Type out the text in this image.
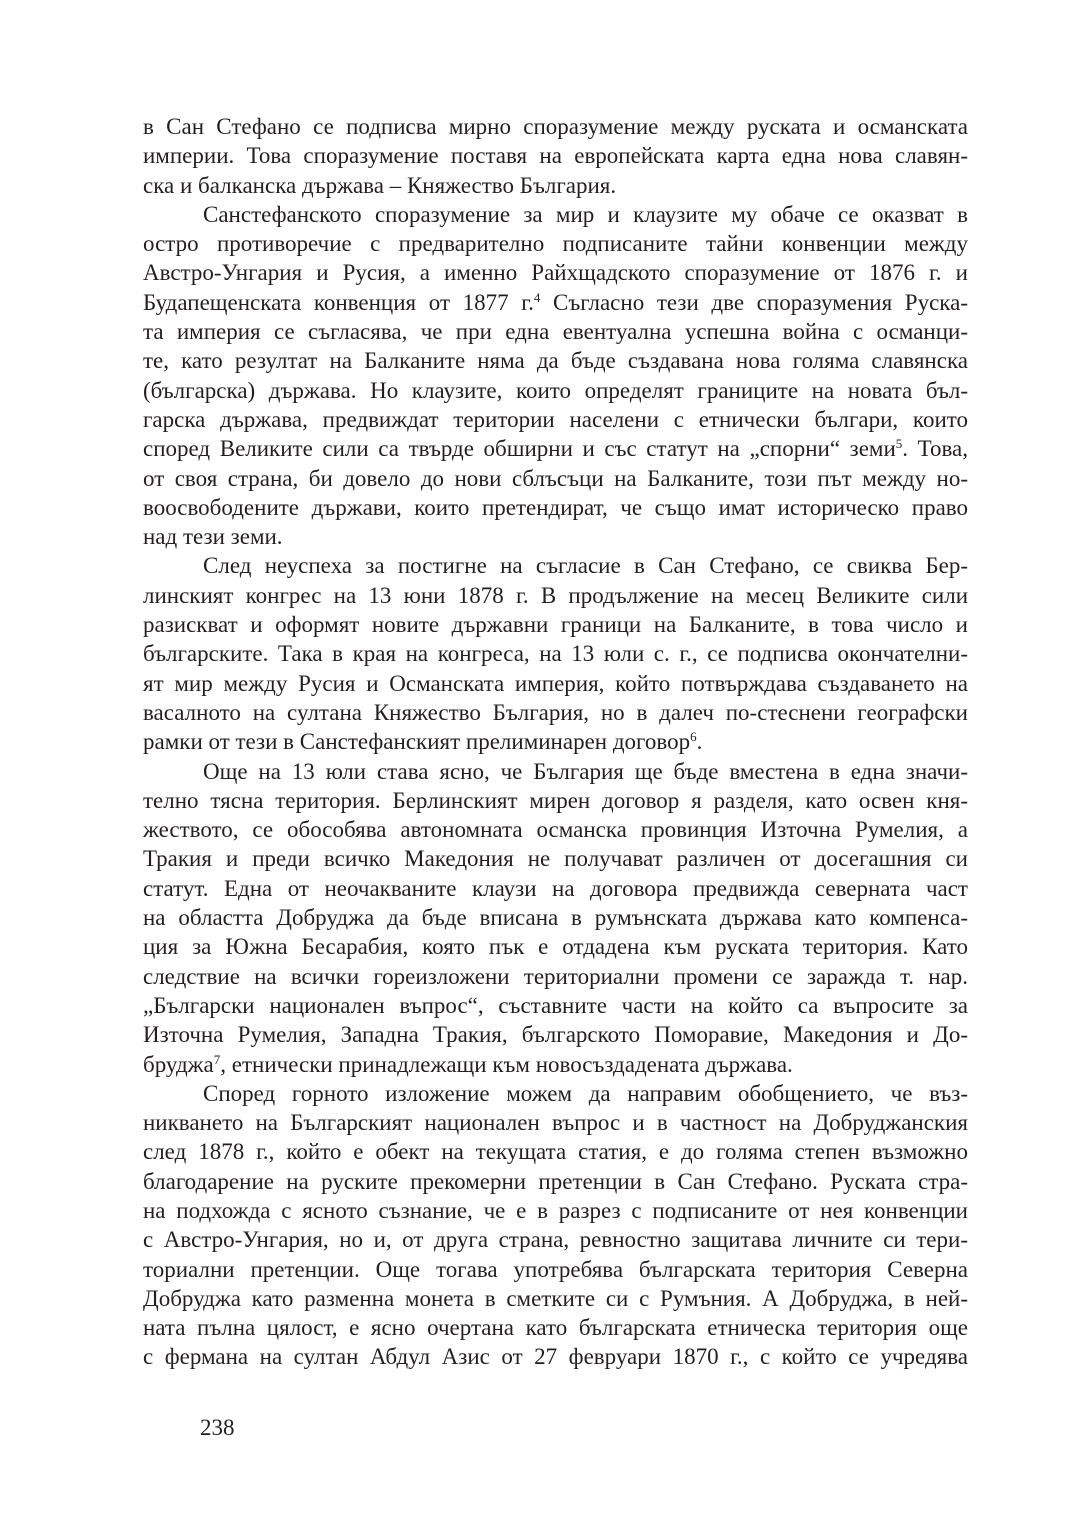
в Сан Стефано се подписва мирно споразумение между руската и османската
империи. Това споразумение поставя на европейската карта една нова славян-
ска и балканска държава – Княжество България.
Санстефанското споразумение за мир и клаузите му обаче се оказват в
остро противоречие с предварително подписаните тайни конвенции между
Австро-Унгария и Русия, а именно Райхщадското споразумение от 1876 г. и
Будапещенската конвенция от 1877 г.$^4$ Съгласно тези две споразумения Руска-
та империя се съгласява, че при една евентуална успешна война с османци-
те, като резултат на Балканите няма да бъде създавана нова голяма славянска
(българска) държава. Но клаузите, които определят границите на новата бъл-
гарска държава, предвиждат територии населени с етнически българи, които
според Великите сили са твърде обширни и със статут на „спорни“ земи$^5$. Това,
от своя страна, би довело до нови сблъсъци на Балканите, този път между но-
воосвободените държави, които претендират, че също имат историческо право
над тези земи.
След неуспеха за постигне на съгласие в Сан Стефано, се свиква Бер-
линският конгрес на 13 юни 1878 г. В продължение на месец Великите сили
разискват и оформят новите държавни граници на Балканите, в това число и
българските. Така в края на конгреса, на 13 юли с. г., се подписва окончателни-
ят мир между Русия и Османската империя, който потвърждава създаването на
васалното на султана Княжество България, но в далеч по-стеснени географски
рамки от тези в Санстефанският прелиминарен договор$^6$.
Още на 13 юли става ясно, че България ще бъде вместена в една значи-
телно тясна територия. Берлинският мирен договор я разделя, като освен кня-
жеството, се обособява автономната османска провинция Източна Румелия, а
Тракия и преди всичко Македония не получават различен от досегашния си
статут. Една от неочакваните клаузи на договора предвижда северната част
на областта Добруджа да бъде вписана в румънската държава като компенса-
ция за Южна Бесарабия, която пък е отдадена към руската територия. Като
следствие на всички гореизложени териториални промени се заражда т. нар.
„Български национален въпрос“, съставните части на който са въпросите за
Източна Румелия, Западна Тракия, българското Поморавие, Македония и До-
бруджа$^7$, етнически принадлежащи към новосъздадената държава.
Според горното изложение можем да направим обобщението, че въз-
никването на Българският национален въпрос и в частност на Добруджанския
след 1878 г., който е обект на текущата статия, е до голяма степен възможно
благодарение на руските прекомерни претенции в Сан Стефано. Руската стра-
на подхожда с ясното съзнание, че е в разрез с подписаните от нея конвенции
с Австро-Унгария, но и, от друга страна, ревностно защитава личните си тери-
ториални претенции. Още тогава употребява българската територия Северна
Добруджа като разменна монета в сметките си с Румъния. А Добруджа, в ней-
ната пълна цялост, е ясно очертана като българската етническа територия още
с фермана на султан Абдул Азис от 27 февруари 1870 г., с който се учредява
238
